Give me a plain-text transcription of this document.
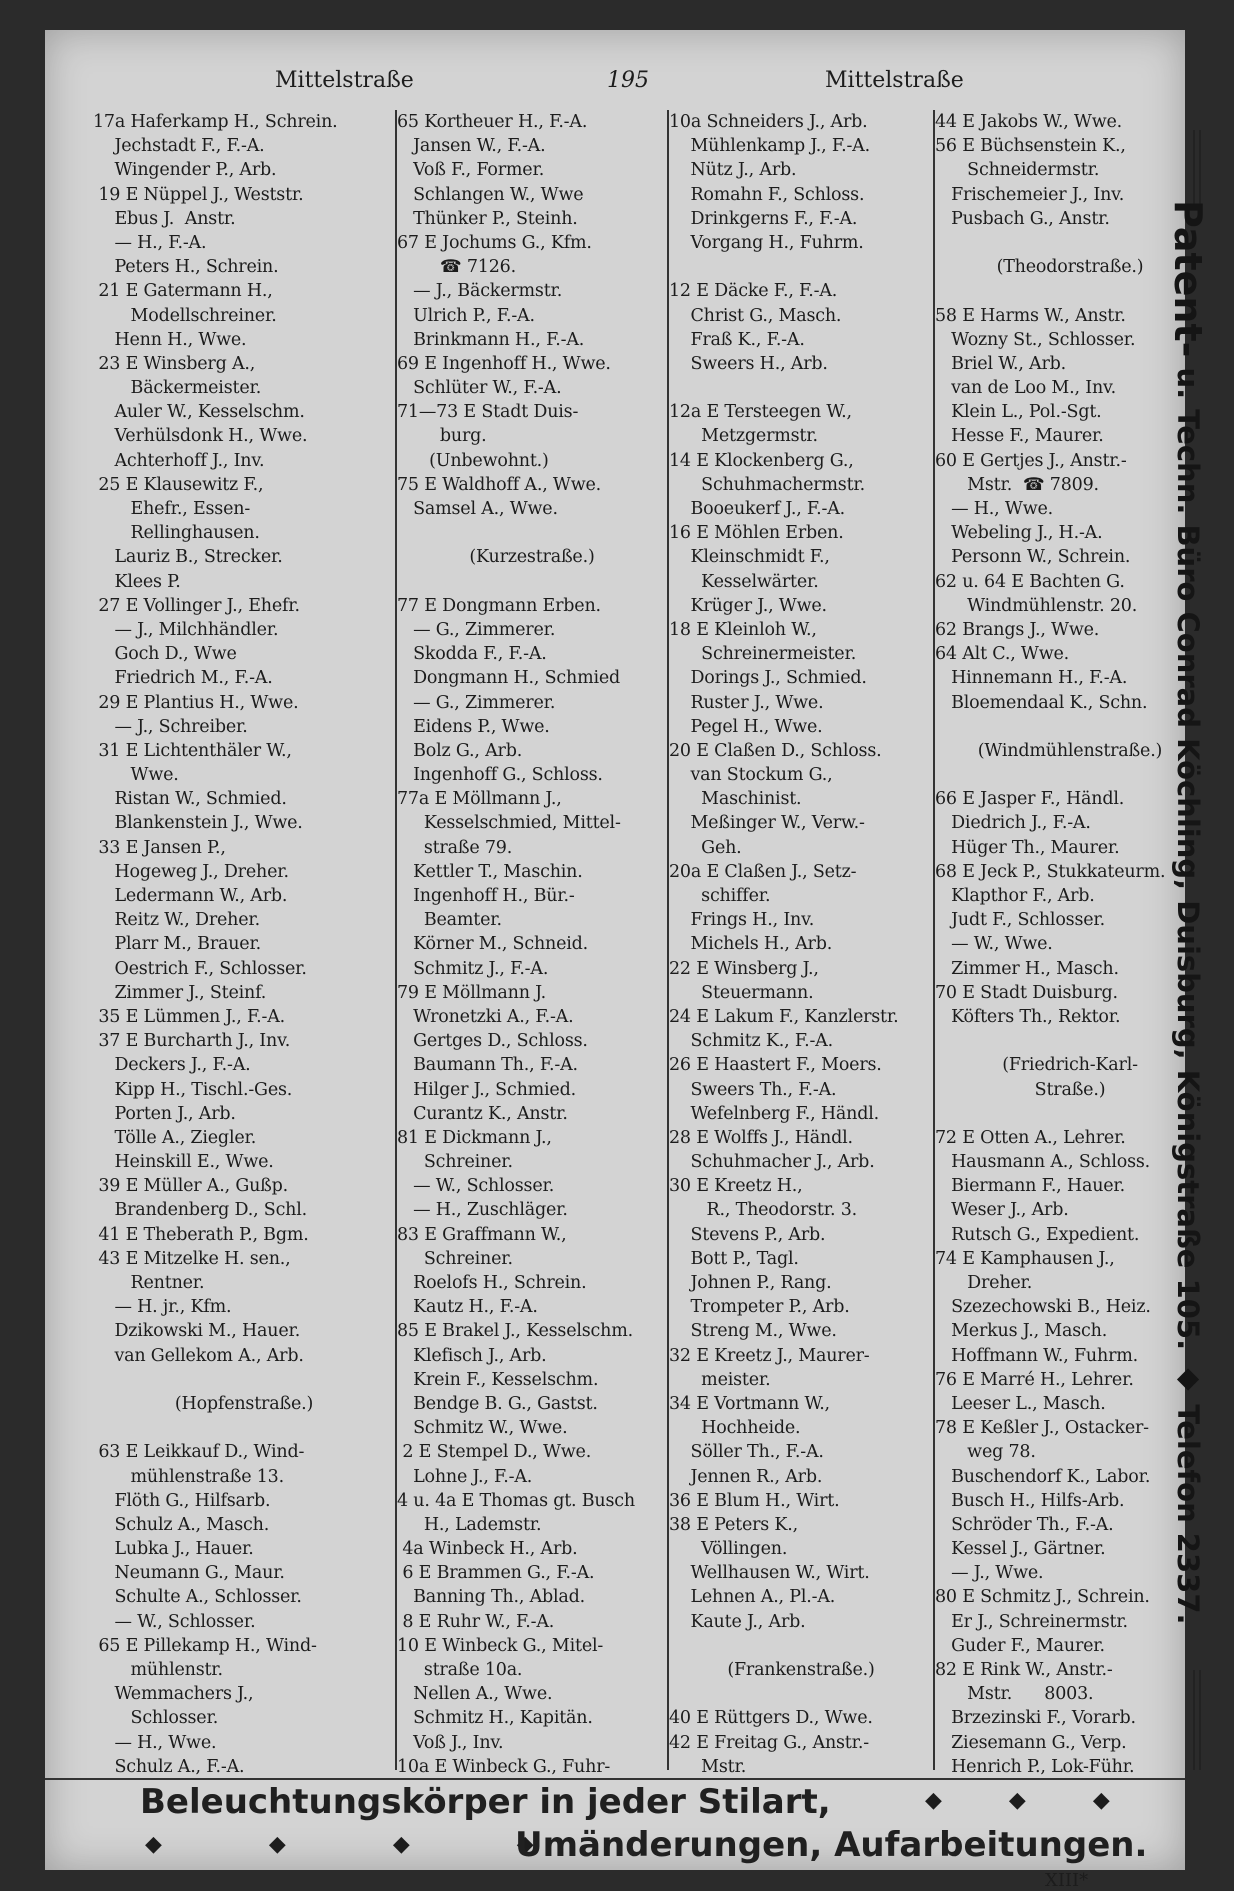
Mittelstraße	195	Mittelstraße
17a Haferkamp H., Schrein.
Jechstadt F., F.-A.
Wingender P., Arb.
19 E Nüppel J., Weststr.
Ebus J.  Anstr.
— H., F.-A.
Peters H., Schrein.
21 E Gatermann H.,
Modellschreiner.
Henn H., Wwe.
23 E Winsberg A.,
Bäckermeister.
Auler W., Kesselschm.
Verhülsdonk H., Wwe.
Achterhoff J., Inv.
25 E Klausewitz F.,
Ehefr., Essen-
Rellinghausen.
Lauriz B., Strecker.
Klees P.
27 E Vollinger J., Ehefr.
— J., Milchhändler.
Goch D., Wwe
Friedrich M., F.-A.
29 E Plantius H., Wwe.
— J., Schreiber.
31 E Lichtenthäler W.,
Wwe.
Ristan W., Schmied.
Blankenstein J., Wwe.
33 E Jansen P.,
Hogeweg J., Dreher.
Ledermann W., Arb.
Reitz W., Dreher.
Plarr M., Brauer.
Oestrich F., Schlosser.
Zimmer J., Steinf.
35 E Lümmen J., F.-A.
37 E Burcharth J., Inv.
Deckers J., F.-A.
Kipp H., Tischl.-Ges.
Porten J., Arb.
Tölle A., Ziegler.
Heinskill E., Wwe.
39 E Müller A., Gußp.
Brandenberg D., Schl.
41 E Theberath P., Bgm.
43 E Mitzelke H. sen.,
Rentner.
— H. jr., Kfm.
Dzikowski M., Hauer.
van Gellekom A., Arb.
(Hopfenstraße.)
63 E Leikkauf D., Wind-
mühlenstraße 13.
Flöth G., Hilfsarb.
Schulz A., Masch.
Lubka J., Hauer.
Neumann G., Maur.
Schulte A., Schlosser.
— W., Schlosser.
65 E Pillekamp H., Wind-
mühlenstr.
Wemmachers J.,
Schlosser.
— H., Wwe.
Schulz A., F.-A.
65 Kortheuer H., F.-A.
Jansen W., F.-A.
Voß F., Former.
Schlangen W., Wwe
Thünker P., Steinh.
67 E Jochums G., Kfm.
☎ 7126.
— J., Bäckermstr.
Ulrich P., F.-A.
Brinkmann H., F.-A.
69 E Ingenhoff H., Wwe.
Schlüter W., F.-A.
71—73 E Stadt Duis-
burg.
(Unbewohnt.)
75 E Waldhoff A., Wwe.
Samsel A., Wwe.
(Kurzestraße.)
77 E Dongmann Erben.
— G., Zimmerer.
Skodda F., F.-A.
Dongmann H., Schmied
— G., Zimmerer.
Eidens P., Wwe.
Bolz G., Arb.
Ingenhoff G., Schloss.
77a E Möllmann J.,
Kesselschmied, Mittel-
straße 79.
Kettler T., Maschin.
Ingenhoff H., Bür.-
Beamter.
Körner M., Schneid.
Schmitz J., F.-A.
79 E Möllmann J.
Wronetzki A., F.-A.
Gertges D., Schloss.
Baumann Th., F.-A.
Hilger J., Schmied.
Curantz K., Anstr.
81 E Dickmann J.,
Schreiner.
— W., Schlosser.
— H., Zuschläger.
83 E Graffmann W.,
Schreiner.
Roelofs H., Schrein.
Kautz H., F.-A.
85 E Brakel J., Kesselschm.
Klefisch J., Arb.
Krein F., Kesselschm.
Bendge B. G., Gastst.
Schmitz W., Wwe.
2 E Stempel D., Wwe.
Lohne J., F.-A.
4 u. 4a E Thomas gt. Busch
H., Lademstr.
4a Winbeck H., Arb.
6 E Brammen G., F.-A.
Banning Th., Ablad.
8 E Ruhr W., F.-A.
10 E Winbeck G., Mitel-
straße 10a.
Nellen A., Wwe.
Schmitz H., Kapitän.
Voß J., Inv.
10a E Winbeck G., Fuhr-
10a Schneiders J., Arb.
Mühlenkamp J., F.-A.
Nütz J., Arb.
Romahn F., Schloss.
Drinkgerns F., F.-A.
Vorgang H., Fuhrm.
12 E Däcke F., F.-A.
Christ G., Masch.
Fraß K., F.-A.
Sweers H., Arb.
12a E Tersteegen W.,
Metzgermstr.
14 E Klockenberg G.,
Schuhmachermstr.
Booeukerf J., F.-A.
16 E Möhlen Erben.
Kleinschmidt F.,
Kesselwärter.
Krüger J., Wwe.
18 E Kleinloh W.,
Schreinermeister.
Dorings J., Schmied.
Ruster J., Wwe.
Pegel H., Wwe.
20 E Claßen D., Schloss.
van Stockum G.,
Maschinist.
Meßinger W., Verw.-
Geh.
20a E Claßen J., Setz-
schiffer.
Frings H., Inv.
Michels H., Arb.
22 E Winsberg J.,
Steuermann.
24 E Lakum F., Kanzlerstr.
Schmitz K., F.-A.
26 E Haastert F., Moers.
Sweers Th., F.-A.
Wefelnberg F., Händl.
28 E Wolffs J., Händl.
Schuhmacher J., Arb.
30 E Kreetz H.,
R., Theodorstr. 3.
Stevens P., Arb.
Bott P., Tagl.
Johnen P., Rang.
Trompeter P., Arb.
Streng M., Wwe.
32 E Kreetz J., Maurer-
meister.
34 E Vortmann W.,
Hochheide.
Söller Th., F.-A.
Jennen R., Arb.
36 E Blum H., Wirt.
38 E Peters K.,
Völlingen.
Wellhausen W., Wirt.
Lehnen A., Pl.-A.
Kaute J., Arb.
(Frankenstraße.)
40 E Rüttgers D., Wwe.
42 E Freitag G., Anstr.-
Mstr.
44 E Jakobs W., Wwe.
56 E Büchsenstein K.,
Schneidermstr.
Frischemeier J., Inv.
Pusbach G., Anstr.
(Theodorstraße.)
58 E Harms W., Anstr.
Wozny St., Schlosser.
Briel W., Arb.
van de Loo M., Inv.
Klein L., Pol.-Sgt.
Hesse F., Maurer.
60 E Gertjes J., Anstr.-
Mstr.  ☎ 7809.
— H., Wwe.
Webeling J., H.-A.
Personn W., Schrein.
62 u. 64 E Bachten G.
Windmühlenstr. 20.
62 Brangs J., Wwe.
64 Alt C., Wwe.
Hinnemann H., F.-A.
Bloemendaal K., Schn.
(Windmühlenstraße.)
66 E Jasper F., Händl.
Diedrich J., F.-A.
Hüger Th., Maurer.
68 E Jeck P., Stukkateurm.
Klapthor F., Arb.
Judt F., Schlosser.
— W., Wwe.
Zimmer H., Masch.
70 E Stadt Duisburg.
Köfters Th., Rektor.
(Friedrich-Karl-
Straße.)
72 E Otten A., Lehrer.
Hausmann A., Schloss.
Biermann F., Hauer.
Weser J., Arb.
Rutsch G., Expedient.
74 E Kamphausen J.,
Dreher.
Szezechowski B., Heiz.
Merkus J., Masch.
Hoffmann W., Fuhrm.
76 E Marré H., Lehrer.
Leeser L., Masch.
78 E Keßler J., Ostacker-
weg 78.
Buschendorf K., Labor.
Busch H., Hilfs-Arb.
Schröder Th., F.-A.
Kessel J., Gärtner.
— J., Wwe.
80 E Schmitz J., Schrein.
Er J., Schreinermstr.
Guder F., Maurer.
82 E Rink W., Anstr.-
Mstr.      8003.
Brzezinski F., Vorarb.
Ziesemann G., Verp.
Henrich P., Lok-Führ.
Beleuchtungskörper in jeder Stilart,	◆ ◆ ◆
◆ ◆ ◆ ◆
Umänderungen, Aufarbeitungen.
XIII*
Patent- u. Techn. Büro Conrad Köchling, Duisburg, Königstraße 105. ◆ Telefon 2337.
